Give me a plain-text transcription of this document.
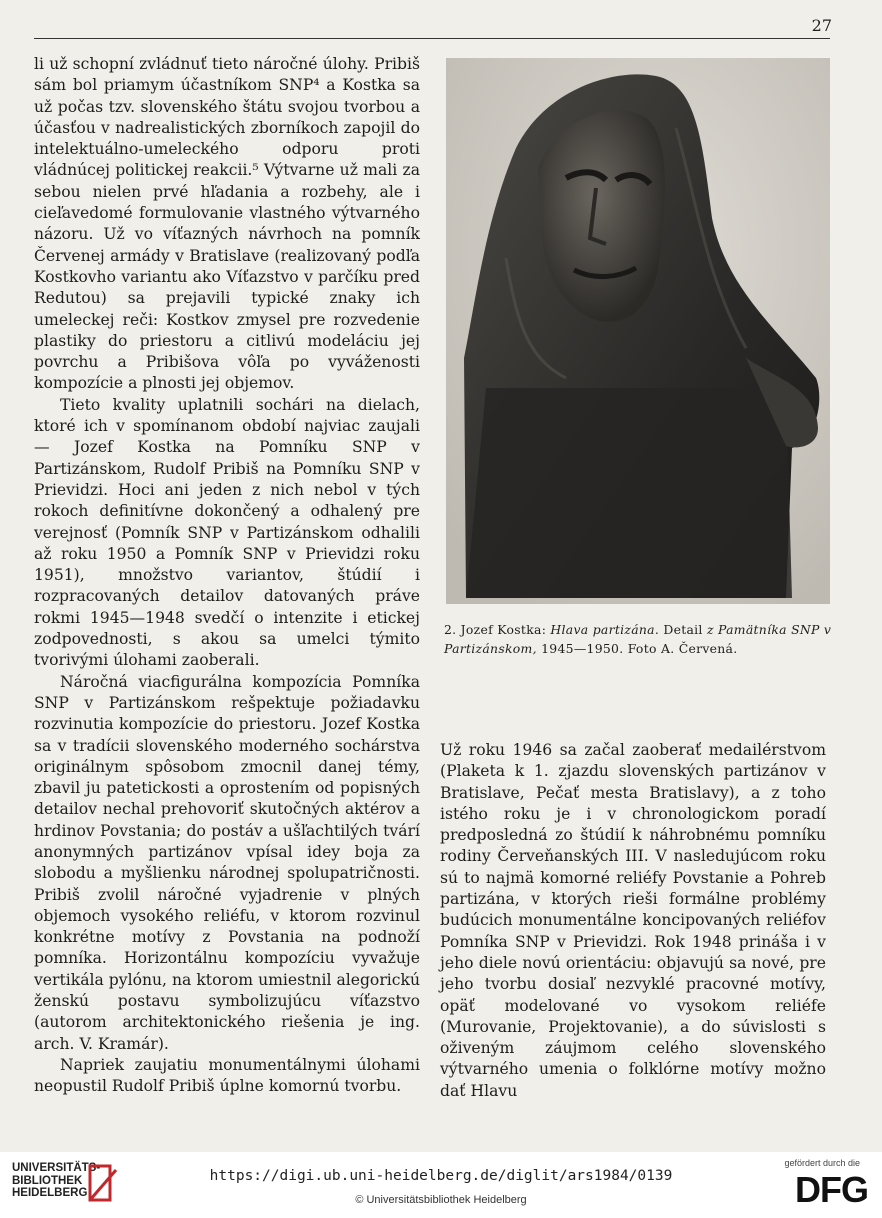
27

li už schopní zvládnuť tieto náročné úlohy. Pribiš sám bol priamym účastníkom SNP⁴ a Kostka sa už počas tzv. slovenského štátu svojou tvorbou a účasťou v nadrealistických zborníkoch zapojil do intelektuálno-umeleckého odporu proti vládnúcej politickej reakcii.⁵ Výtvarne už mali za sebou nielen prvé hľadania a rozbehy, ale i cieľavedomé formulovanie vlastného výtvarného názoru. Už vo víťazných návrhoch na pomník Červenej armády v Bratislave (realizovaný podľa Kostkovho variantu ako Víťazstvo v parčíku pred Redutou) sa prejavili typické znaky ich umeleckej reči: Kostkov zmysel pre rozvedenie plastiky do priestoru a citlivú modeláciu jej povrchu a Pribišova vôľa po vyváženosti kompozície a plnosti jej objemov.

Tieto kvality uplatnili sochári na dielach, ktoré ich v spomínanom období najviac zaujali — Jozef Kostka na Pomníku SNP v Partizánskom, Rudolf Pribiš na Pomníku SNP v Prievidzi. Hoci ani jeden z nich nebol v tých rokoch definitívne dokončený a odhalený pre verejnosť (Pomník SNP v Partizánskom odhalili až roku 1950 a Pomník SNP v Prievidzi roku 1951), množstvo variantov, štúdií i rozpracovaných detailov datovaných práve rokmi 1945—1948 svedčí o intenzite i etickej zodpovednosti, s akou sa umelci týmito tvorivými úlohami zaoberali.

Náročná viacfigurálna kompozícia Pomníka SNP v Partizánskom rešpektuje požiadavku rozvinutia kompozície do priestoru. Jozef Kostka sa v tradícii slovenského moderného sochárstva originálnym spôsobom zmocnil danej témy, zbavil ju patetickosti a oprostením od popisných detailov nechal prehovoriť skutočných aktérov a hrdinov Povstania; do postáv a ušľachtilých tvárí anonymných partizánov vpísal idey boja za slobodu a myšlienku národnej spolupatričnosti. Pribiš zvolil náročné vyjadrenie v plných objemoch vysokého reliéfu, v ktorom rozvinul konkrétne motívy z Povstania na podnoží pomníka. Horizontálnu kompozíciu vyvažuje vertikála pylónu, na ktorom umiestnil alegorickú ženskú postavu symbolizujúcu víťazstvo (autorom architektonického riešenia je ing. arch. V. Kramár).

Napriek zaujatiu monumentálnymi úlohami neopustil Rudolf Pribiš úplne komornú tvorbu.

2. Jozef Kostka: Hlava partizána. Detail z Pamätníka SNP v Partizánskom, 1945—1950. Foto A. Červená.

Už roku 1946 sa začal zaoberať medailérstvom (Plaketa k 1. zjazdu slovenských partizánov v Bratislave, Pečať mesta Bratislavy), a z toho istého roku je i v chronologickom poradí predposledná zo štúdií k náhrobnému pomníku rodiny Červeňanských III. V nasledujúcom roku sú to najmä komorné reliéfy Povstanie a Pohreb partizána, v ktorých rieši formálne problémy budúcich monumentálne koncipovaných reliéfov Pomníka SNP v Prievidzi. Rok 1948 prináša i v jeho diele novú orientáciu: objavujú sa nové, pre jeho tvorbu dosiaľ nezvyklé pracovné motívy, opäť modelované vo vysokom reliéfe (Murovanie, Projektovanie), a do súvislosti s oživeným záujmom celého slovenského výtvarného umenia o folklórne motívy možno dať Hlavu

UNIVERSITÄTS-
BIBLIOTHEK
HEIDELBERG
https://digi.ub.uni-heidelberg.de/diglit/ars1984/0139
© Universitätsbibliothek Heidelberg
gefördert durch die
DFG
